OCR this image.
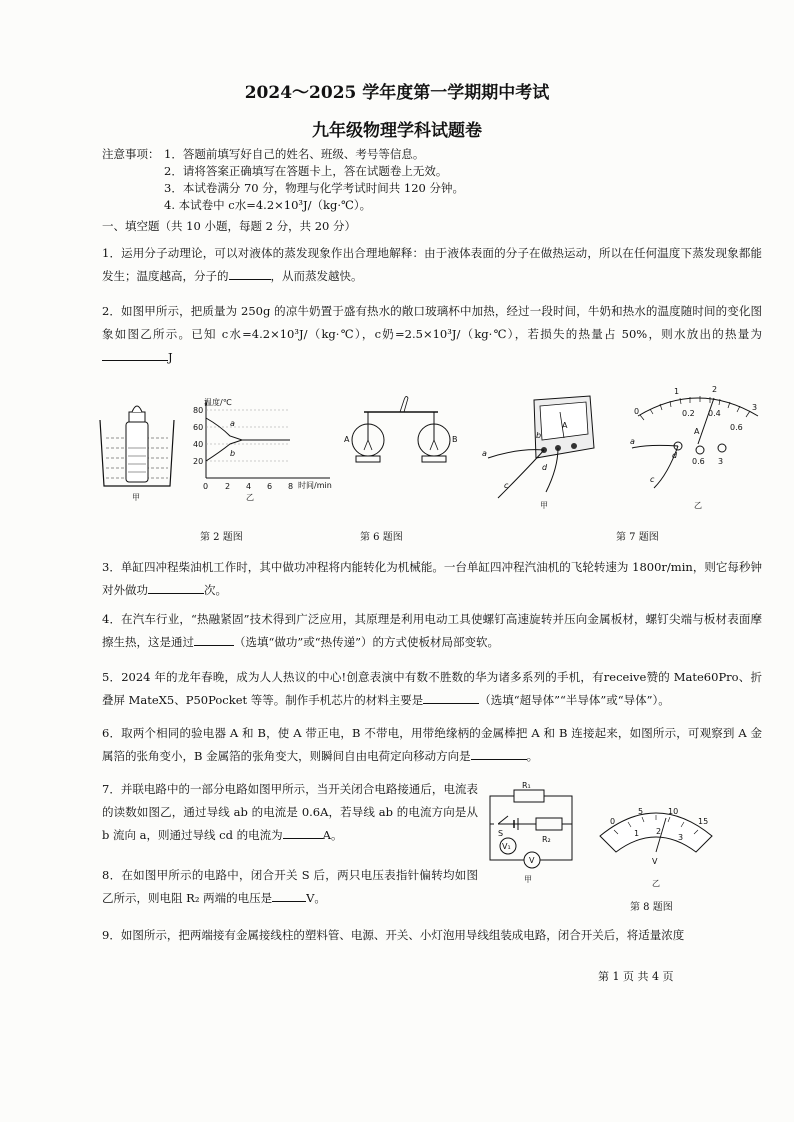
2024～2025 学年度第一学期期中考试
九年级物理学科试题卷
注意事项： 1．答题前填写好自己的姓名、班级、考号等信息。
2．请将答案正确填写在答题卡上，答在试题卷上无效。
3．本试卷满分 70 分，物理与化学考试时间共 120 分钟。
4. 本试卷中 c水=4.2×10³J/（kg·℃）。
一、填空题（共 10 小题，每题 2 分，共 20 分）
1．运用分子动理论，可以对液体的蒸发现象作出合理地解释：由于液体表面的分子在做热运动，所以在任何温度下蒸发现象都能发生；温度越高，分子的	，从而蒸发越快。
2．如图甲所示，把质量为 250g 的凉牛奶置于盛有热水的敞口玻璃杯中加热，经过一段时间，牛奶和热水的温度随时间的变化图象如图乙所示。已知 c水=4.2×10³J/（kg·℃），c奶=2.5×10³J/（kg·℃），若损失的热量占 50%，则水放出的热量为J
甲
温度/℃
80
60
40
20
0 2 4 6 8 时间/min
a
b
乙
A	B
A
a
b
c
d
甲
0
1	2
3
0.2 0.4
0.6
A
0.6 3
a
c
d
乙
第 2 题图	第 6 题图	第 7 题图
3．单缸四冲程柴油机工作时，其中做功冲程将内能转化为机械能。一台单缸四冲程汽油机的飞轮转速为 1800r/min，则它每秒钟对外做功	次。
4．在汽车行业，“热融紧固”技术得到广泛应用，其原理是利用电动工具使螺钉高速旋转并压向金属板材，螺钉尖端与板材表面摩擦生热，这是通过	（选填“做功”或“热传递”）的方式使板材局部变软。
5．2024 年的龙年春晚，成为人人热议的中心!创意表演中有数不胜数的华为诸多系列的手机，有receive赞的 Mate60Pro、折叠屏 MateX5、P50Pocket 等等。制作手机芯片的材料主要是	（选填“超导体”“半导体”或“导体”）。
6．取两个相同的验电器 A 和 B，使 A 带正电，B 不带电，用带绝缘柄的金属棒把 A 和 B 连接起来，如图所示，可观察到 A 金属箔的张角变小，B 金属箔的张角变大，则瞬间自由电荷定向移动方向是	。
7．并联电路中的一部分电路如图甲所示，当开关闭合电路接通后，电流表的读数如图乙，通过导线 ab 的电流是 0.6A，若导线 ab 的电流方向是从 b 流向 a，则通过导线 cd 的电流为	A。
8．在如图甲所示的电路中，闭合开关 S 后，两只电压表指针偏转均如图乙所示，则电阻 R₂ 两端的电压是	V。
R₁
R₂
S
V₁
V
甲
0
5	10
15
1 2
3
V
乙
第 8 题图
9．如图所示，把两端接有金属接线柱的塑料管、电源、开关、小灯泡用导线组装成电路，闭合开关后，将适量浓度
第 1 页 共 4 页
